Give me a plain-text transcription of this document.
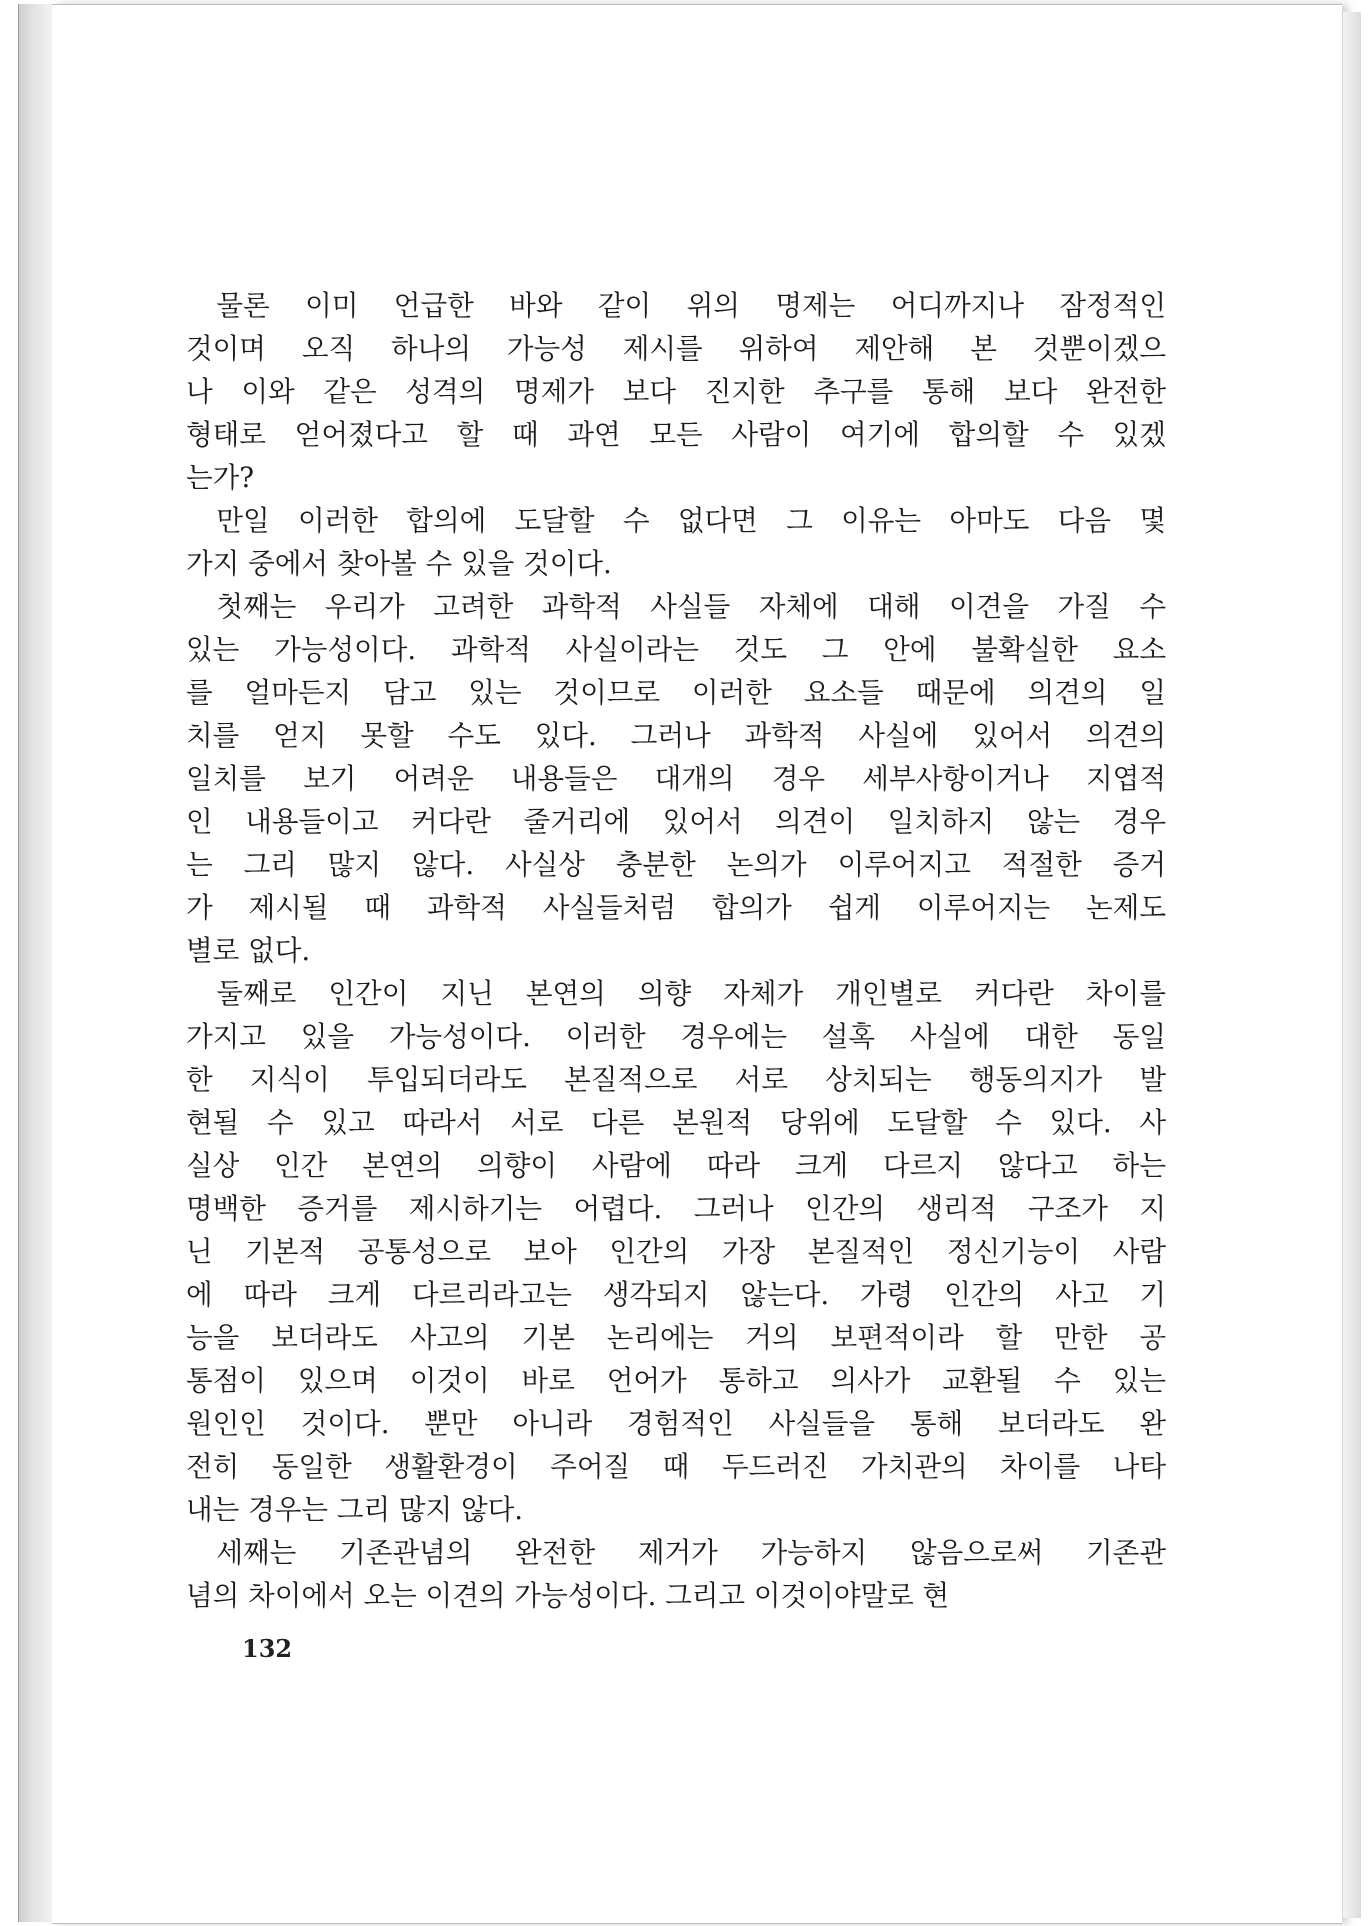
물론 이미 언급한 바와 같이 위의 명제는 어디까지나 잠정적인
것이며 오직 하나의 가능성 제시를 위하여 제안해 본 것뿐이겠으
나 이와 같은 성격의 명제가 보다 진지한 추구를 통해 보다 완전한
형태로 얻어졌다고 할 때 과연 모든 사람이 여기에 합의할 수 있겠
는가?
만일 이러한 합의에 도달할 수 없다면 그 이유는 아마도 다음 몇
가지 중에서 찾아볼 수 있을 것이다.
첫째는 우리가 고려한 과학적 사실들 자체에 대해 이견을 가질 수
있는 가능성이다. 과학적 사실이라는 것도 그 안에 불확실한 요소
를 얼마든지 담고 있는 것이므로 이러한 요소들 때문에 의견의 일
치를 얻지 못할 수도 있다. 그러나 과학적 사실에 있어서 의견의
일치를 보기 어려운 내용들은 대개의 경우 세부사항이거나 지엽적
인 내용들이고 커다란 줄거리에 있어서 의견이 일치하지 않는 경우
는 그리 많지 않다. 사실상 충분한 논의가 이루어지고 적절한 증거
가 제시될 때 과학적 사실들처럼 합의가 쉽게 이루어지는 논제도
별로 없다.
둘째로 인간이 지닌 본연의 의향 자체가 개인별로 커다란 차이를
가지고 있을 가능성이다. 이러한 경우에는 설혹 사실에 대한 동일
한 지식이 투입되더라도 본질적으로 서로 상치되는 행동의지가 발
현될 수 있고 따라서 서로 다른 본원적 당위에 도달할 수 있다. 사
실상 인간 본연의 의향이 사람에 따라 크게 다르지 않다고 하는
명백한 증거를 제시하기는 어렵다. 그러나 인간의 생리적 구조가 지
닌 기본적 공통성으로 보아 인간의 가장 본질적인 정신기능이 사람
에 따라 크게 다르리라고는 생각되지 않는다. 가령 인간의 사고 기
능을 보더라도 사고의 기본 논리에는 거의 보편적이라 할 만한 공
통점이 있으며 이것이 바로 언어가 통하고 의사가 교환될 수 있는
원인인 것이다. 뿐만 아니라 경험적인 사실들을 통해 보더라도 완
전히 동일한 생활환경이 주어질 때 두드러진 가치관의 차이를 나타
내는 경우는 그리 많지 않다.
세째는 기존관념의 완전한 제거가 가능하지 않음으로써 기존관
념의 차이에서 오는 이견의 가능성이다. 그리고 이것이야말로 현
132
